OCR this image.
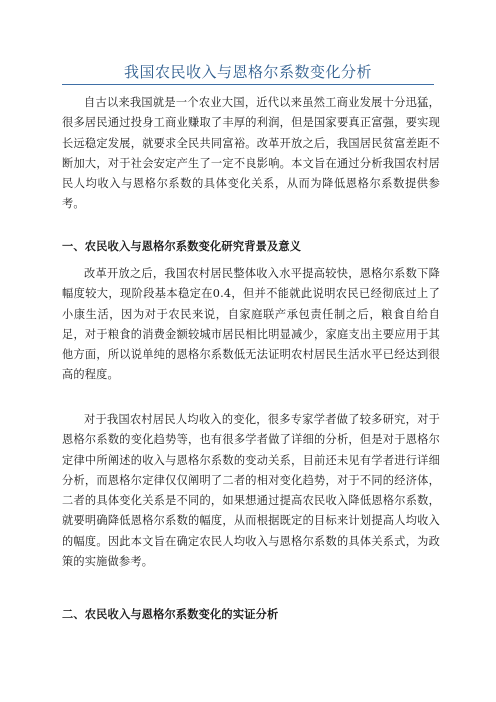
我国农民收入与恩格尔系数变化分析

自古以来我国就是一个农业大国，近代以来虽然工商业发展十分迅猛，很多居民通过投身工商业赚取了丰厚的利润，但是国家要真正富强，要实现长远稳定发展，就要求全民共同富裕。改革开放之后，我国居民贫富差距不断加大，对于社会安定产生了一定不良影响。本文旨在通过分析我国农村居民人均收入与恩格尔系数的具体变化关系，从而为降低恩格尔系数提供参考。

一、农民收入与恩格尔系数变化研究背景及意义

改革开放之后，我国农村居民整体收入水平提高较快，恩格尔系数下降幅度较大，现阶段基本稳定在0.4，但并不能就此说明农民已经彻底过上了小康生活，因为对于农民来说，自家庭联产承包责任制之后，粮食自给自足，对于粮食的消费金额较城市居民相比明显减少，家庭支出主要应用于其他方面，所以说单纯的恩格尔系数低无法证明农村居民生活水平已经达到很高的程度。

对于我国农村居民人均收入的变化，很多专家学者做了较多研究，对于恩格尔系数的变化趋势等，也有很多学者做了详细的分析，但是对于恩格尔定律中所阐述的收入与恩格尔系数的变动关系，目前还未见有学者进行详细分析，而恩格尔定律仅仅阐明了二者的相对变化趋势，对于不同的经济体，二者的具体变化关系是不同的，如果想通过提高农民收入降低恩格尔系数，就要明确降低恩格尔系数的幅度，从而根据既定的目标来计划提高人均收入的幅度。因此本文旨在确定农民人均收入与恩格尔系数的具体关系式，为政策的实施做参考。

二、农民收入与恩格尔系数变化的实证分析
